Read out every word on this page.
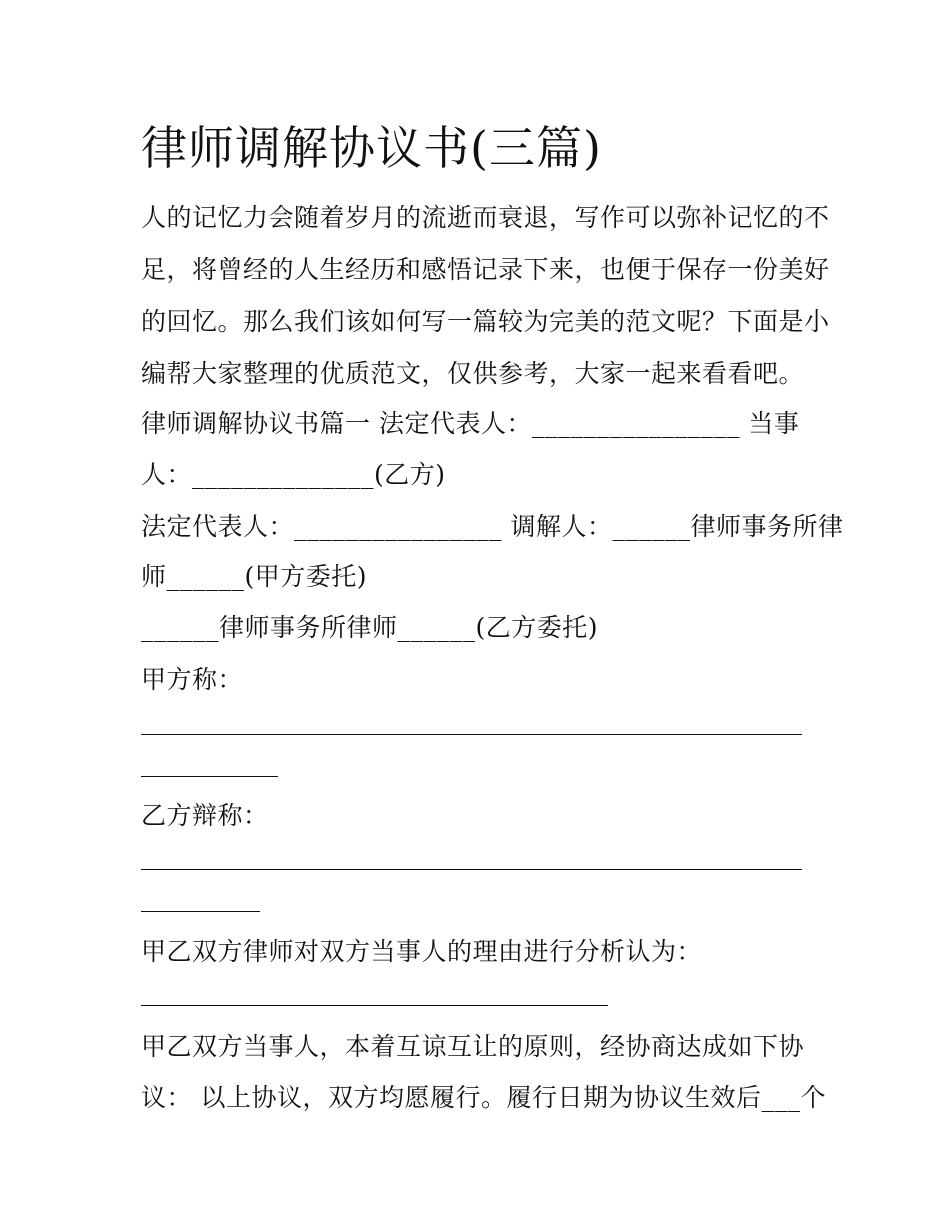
律师调解协议书(三篇)
人的记忆力会随着岁月的流逝而衰退，写作可以弥补记忆的不
足，将曾经的人生经历和感悟记录下来，也便于保存一份美好
的回忆。那么我们该如何写一篇较为完美的范文呢？下面是小
编帮大家整理的优质范文，仅供参考，大家一起来看看吧。
律师调解协议书篇一 法定代表人：________________ 当事
人：______________(乙方)
法定代表人：________________ 调解人：______律师事务所律
师______(甲方委托)
______律师事务所律师______(乙方委托)
甲方称：
乙方辩称：
甲乙双方律师对双方当事人的理由进行分析认为：
甲乙双方当事人，本着互谅互让的原则，经协商达成如下协
议： 以上协议，双方均愿履行。履行日期为协议生效后___个
